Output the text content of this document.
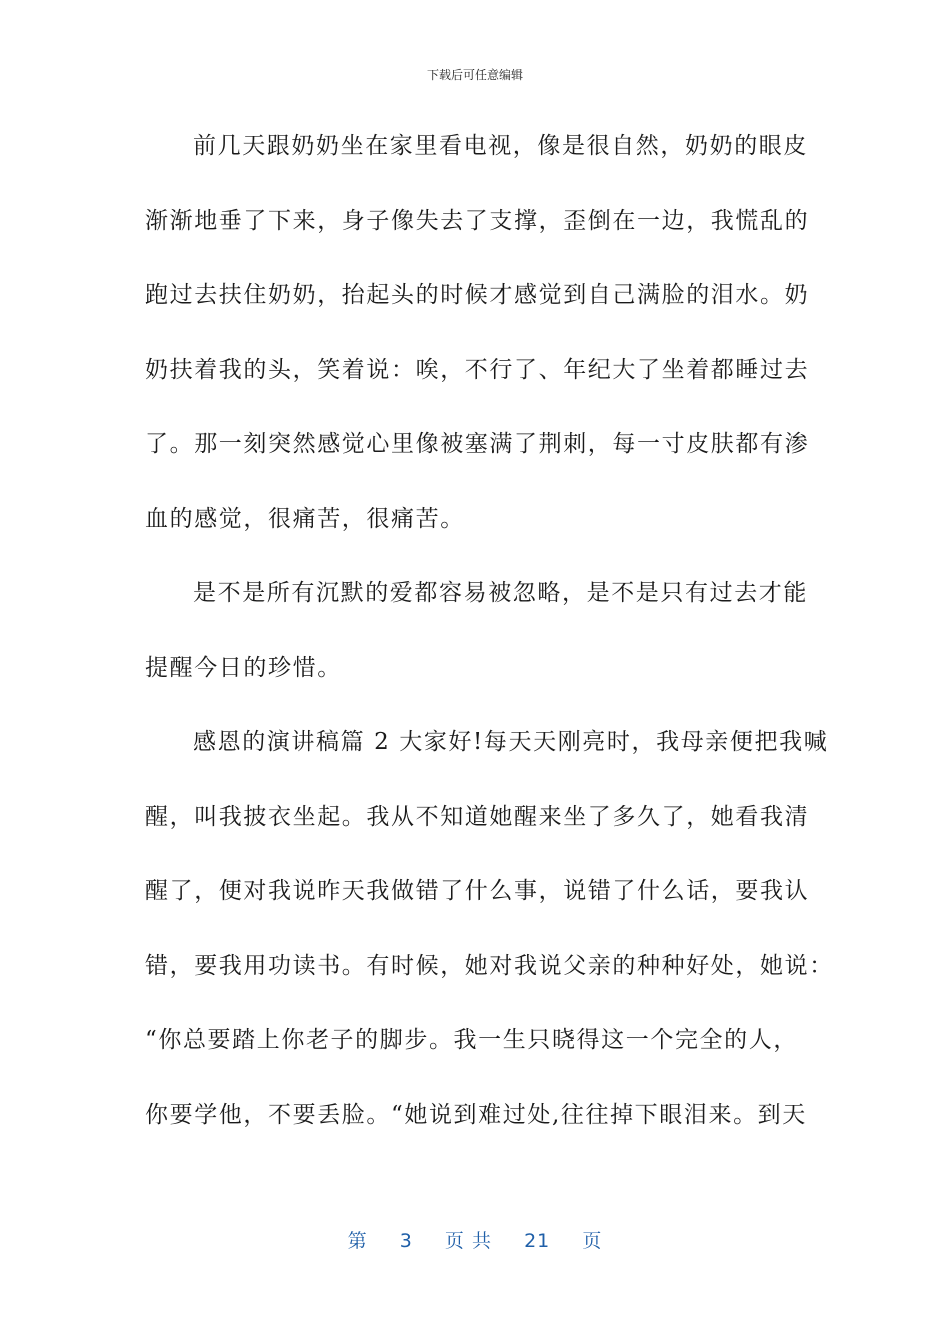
下载后可任意编辑
前几天跟奶奶坐在家里看电视，像是很自然，奶奶的眼皮
渐渐地垂了下来，身子像失去了支撑，歪倒在一边，我慌乱的
跑过去扶住奶奶，抬起头的时候才感觉到自己满脸的泪水。奶
奶扶着我的头，笑着说：唉，不行了、年纪大了坐着都睡过去
了。那一刻突然感觉心里像被塞满了荆刺，每一寸皮肤都有渗
血的感觉，很痛苦，很痛苦。
是不是所有沉默的爱都容易被忽略，是不是只有过去才能
提醒今日的珍惜。
感恩的演讲稿篇 2 大家好!每天天刚亮时，我母亲便把我喊
醒，叫我披衣坐起。我从不知道她醒来坐了多久了，她看我清
醒了，便对我说昨天我做错了什么事，说错了什么话，要我认
错，要我用功读书。有时候，她对我说父亲的种种好处，她说：
“你总要踏上你老子的脚步。我一生只晓得这一个完全的人，
你要学他，不要丢脸。“她说到难过处,往往掉下眼泪来。到天
第 3 页 共 21 页
